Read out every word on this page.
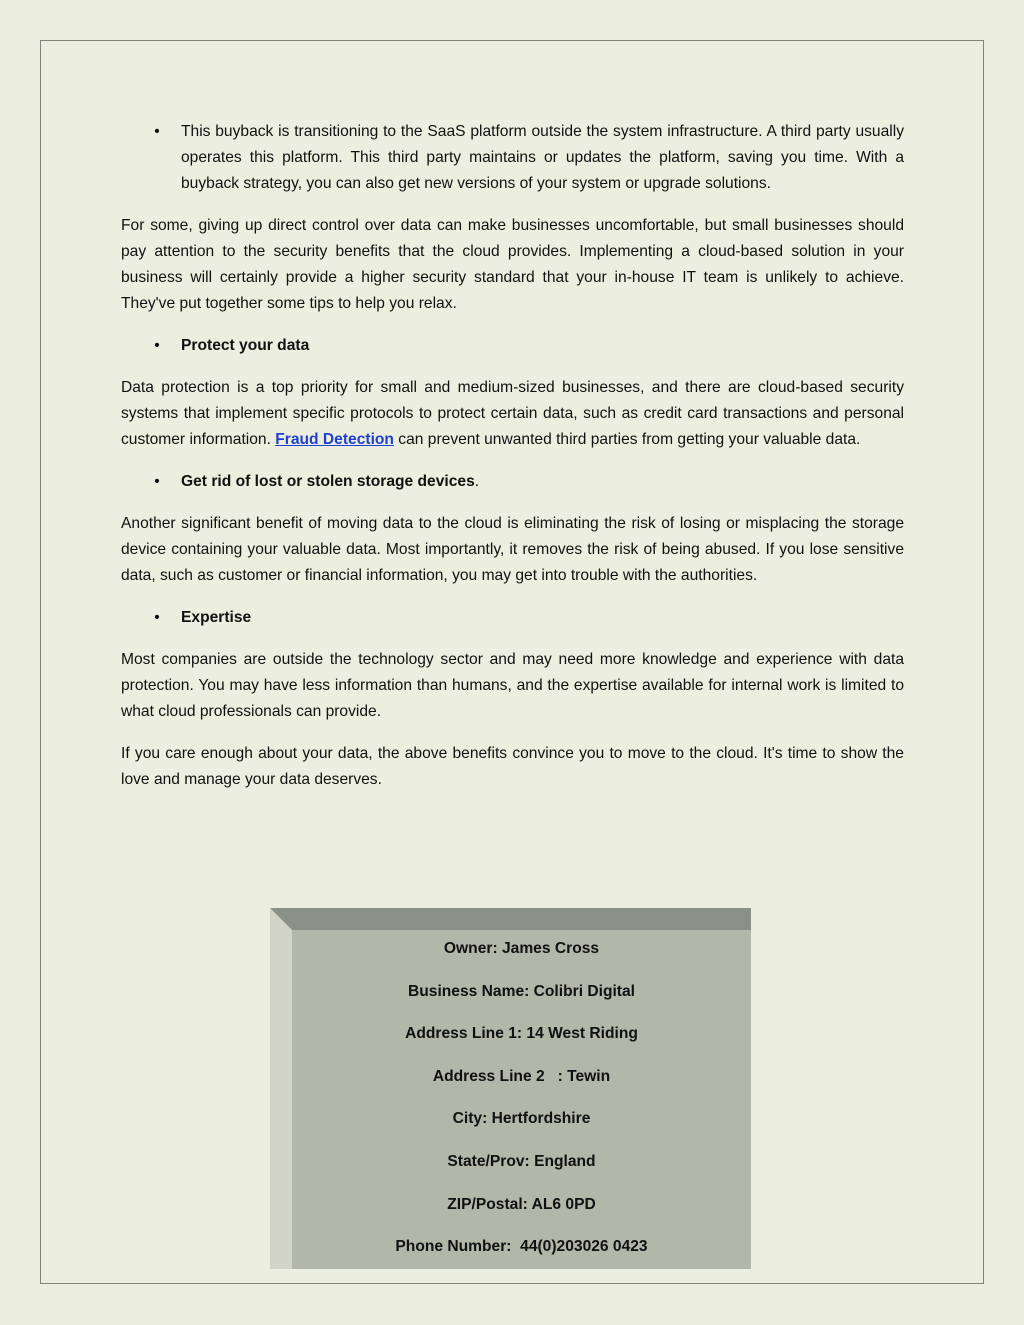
• This buyback is transitioning to the SaaS platform outside the system infrastructure. A third party usually operates this platform. This third party maintains or updates the platform, saving you time. With a buyback strategy, you can also get new versions of your system or upgrade solutions.

For some, giving up direct control over data can make businesses uncomfortable, but small businesses should pay attention to the security benefits that the cloud provides. Implementing a cloud-based solution in your business will certainly provide a higher security standard that your in-house IT team is unlikely to achieve. They've put together some tips to help you relax.

• Protect your data

Data protection is a top priority for small and medium-sized businesses, and there are cloud-based security systems that implement specific protocols to protect certain data, such as credit card transactions and personal customer information. Fraud Detection can prevent unwanted third parties from getting your valuable data.

• Get rid of lost or stolen storage devices.

Another significant benefit of moving data to the cloud is eliminating the risk of losing or misplacing the storage device containing your valuable data. Most importantly, it removes the risk of being abused. If you lose sensitive data, such as customer or financial information, you may get into trouble with the authorities.

• Expertise

Most companies are outside the technology sector and may need more knowledge and experience with data protection. You may have less information than humans, and the expertise available for internal work is limited to what cloud professionals can provide.

If you care enough about your data, the above benefits convince you to move to the cloud. It's time to show the love and manage your data deserves.

Owner: James Cross
Business Name: Colibri Digital
Address Line 1: 14 West Riding
Address Line 2   : Tewin
City: Hertfordshire
State/Prov: England
ZIP/Postal: AL6 0PD
Phone Number:  44(0)203026 0423
